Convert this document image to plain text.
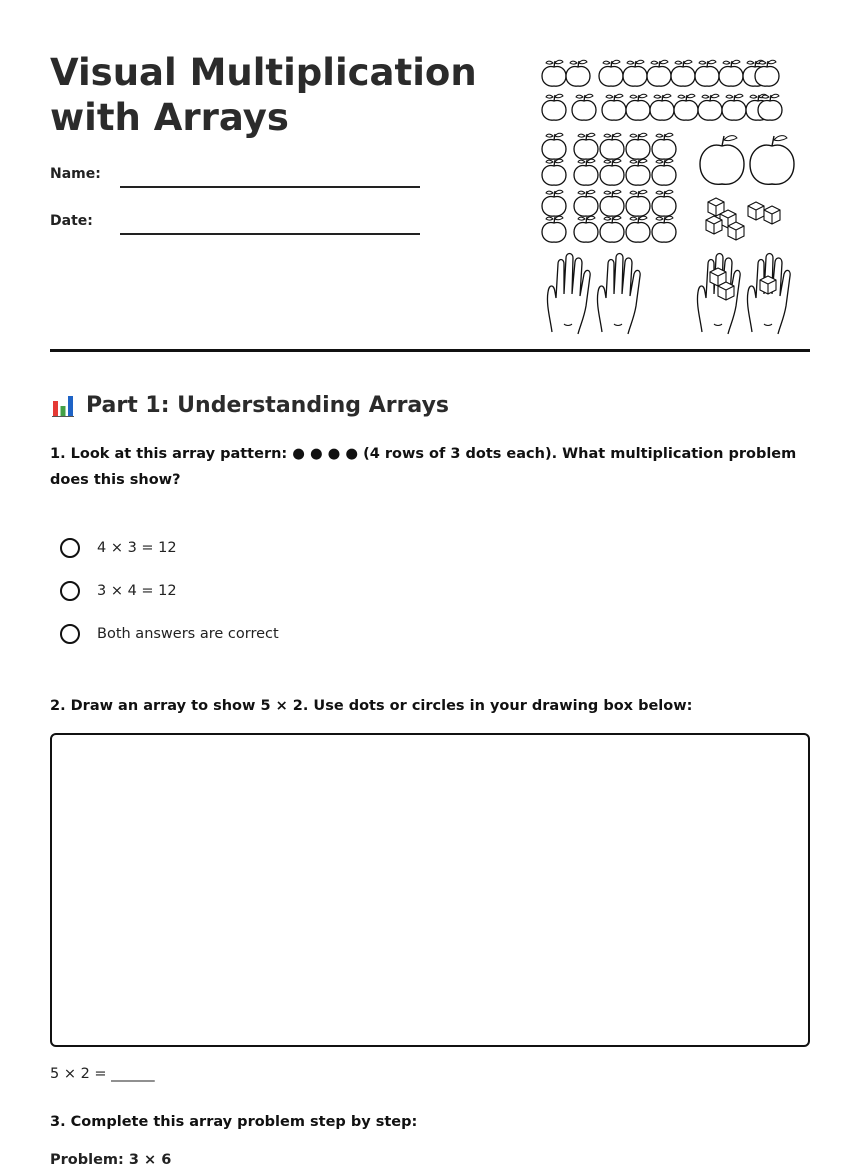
Visual Multiplication
with Arrays
Name:
Date:
Part 1: Understanding Arrays

1. Look at this array pattern: ● ● ● ● (4 rows of 3 dots each). What multiplication problem does this show?

4 × 3 = 12
3 × 4 = 12
Both answers are correct

2. Draw an array to show 5 × 2. Use dots or circles in your drawing box below:

5 × 2 = ______

3. Complete this array problem step by step:

Problem: 3 × 6
